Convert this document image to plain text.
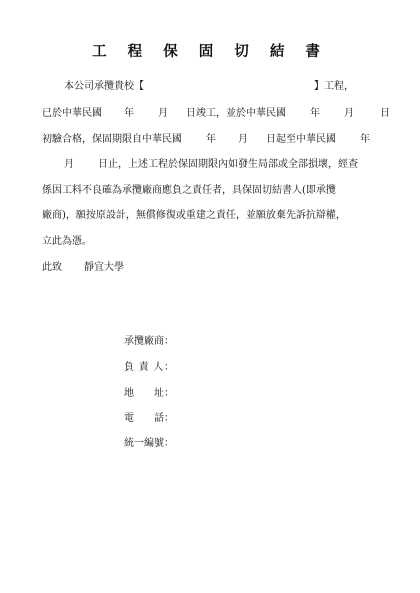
工 程 保 固 切 結 書
本公司承攬貴校【	】工程，
已於中華民國 年 月 日竣工，並於中華民國 年 月	日
初驗合格，保固期限自中華民國 年 月 日起至中華民國 年
月 日止，上述工程於保固期限內如發生局部或全部損壞，經查
係因工料不良確為承攬廠商應負之責任者，具保固切結書人(即承攬
廠商)，願按原設計，無償修復或重建之責任，並願放棄先訴抗辯權，
立此為憑。
此致 靜宜大學
承攬廠商：
負 責 人：
地　　址：
電　　話：
統一編號：
